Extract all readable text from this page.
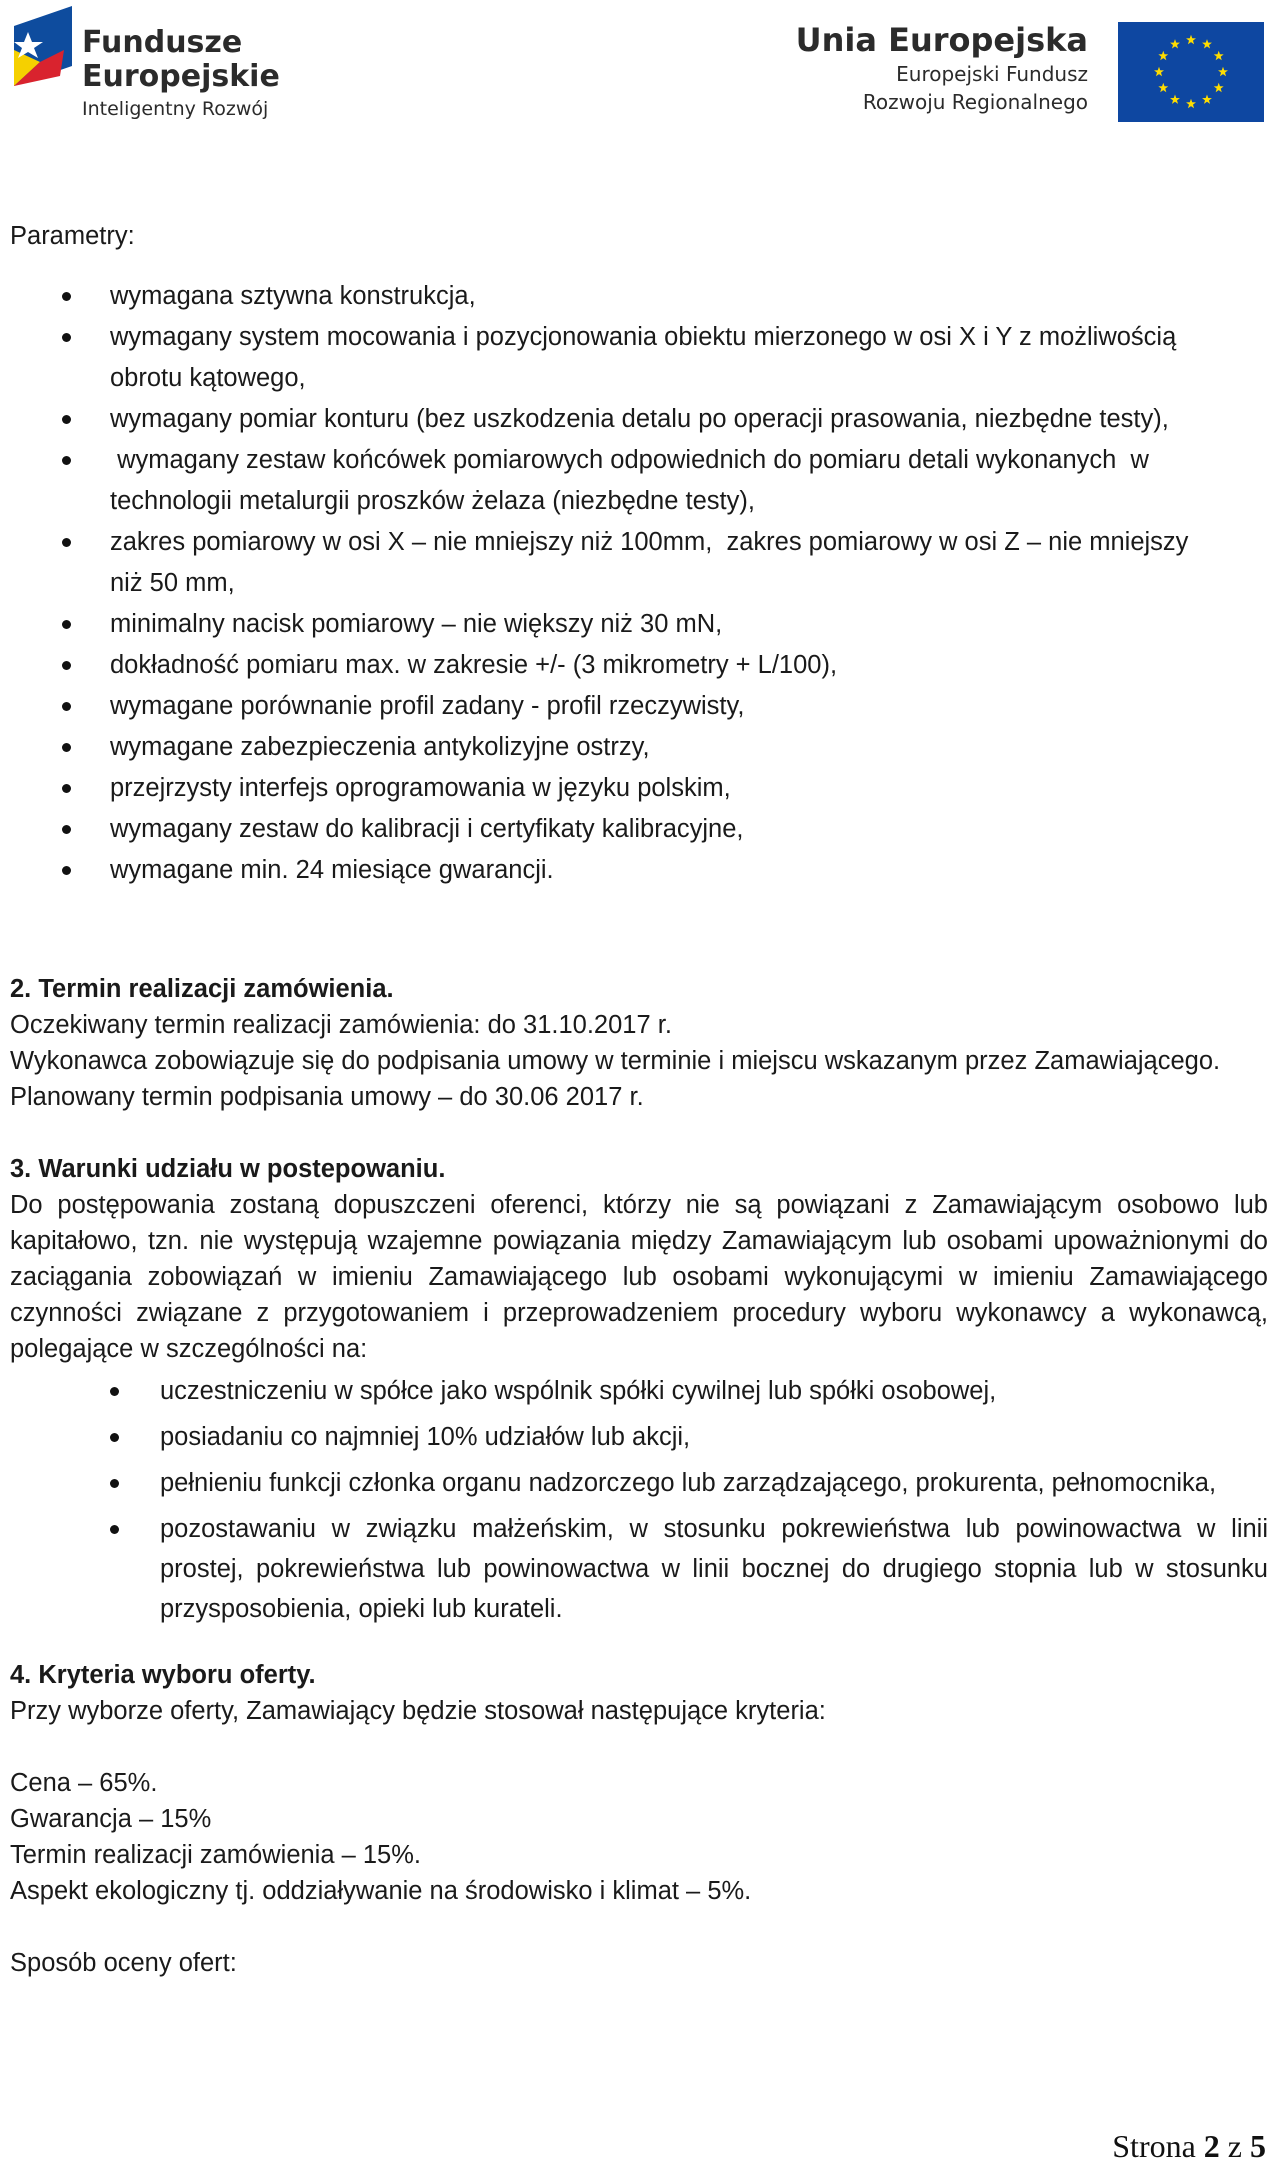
Fundusze
Europejskie
Inteligentny Rozwój
Unia Europejska
Europejski Fundusz
Rozwoju Regionalnego

Parametry:

wymagana sztywna konstrukcja,
wymagany system mocowania i pozycjonowania obiektu mierzonego w osi X i Y z możliwością
obrotu kątowego,
wymagany pomiar konturu (bez uszkodzenia detalu po operacji prasowania, niezbędne testy),
wymagany zestaw końcówek pomiarowych odpowiednich do pomiaru detali wykonanych  w
technologii metalurgii proszków żelaza (niezbędne testy),
zakres pomiarowy w osi X – nie mniejszy niż 100mm,  zakres pomiarowy w osi Z – nie mniejszy
niż 50 mm,
minimalny nacisk pomiarowy – nie większy niż 30 mN,
dokładność pomiaru max. w zakresie +/- (3 mikrometry + L/100),
wymagane porównanie profil zadany - profil rzeczywisty,
wymagane zabezpieczenia antykolizyjne ostrzy,
przejrzysty interfejs oprogramowania w języku polskim,
wymagany zestaw do kalibracji i certyfikaty kalibracyjne,
wymagane min. 24 miesiące gwarancji.

2. Termin realizacji zamówienia.

Oczekiwany termin realizacji zamówienia: do 31.10.2017 r.

Wykonawca zobowiązuje się do podpisania umowy w terminie i miejscu wskazanym przez Zamawiającego.

Planowany termin podpisania umowy – do 30.06 2017 r.

3. Warunki udziału w postepowaniu.

Do postępowania zostaną dopuszczeni oferenci, którzy nie są powiązani z Zamawiającym osobowo lub kapitałowo, tzn. nie występują wzajemne powiązania między Zamawiającym lub osobami upoważnionymi do zaciągania zobowiązań w imieniu Zamawiającego lub osobami wykonującymi w imieniu Zamawiającego czynności związane z przygotowaniem i przeprowadzeniem procedury wyboru wykonawcy a wykonawcą, polegające w szczególności na:

uczestniczeniu w spółce jako wspólnik spółki cywilnej lub spółki osobowej,
posiadaniu co najmniej 10% udziałów lub akcji,
pełnieniu funkcji członka organu nadzorczego lub zarządzającego, prokurenta, pełnomocnika,
pozostawaniu w związku małżeńskim, w stosunku pokrewieństwa lub powinowactwa w linii prostej, pokrewieństwa lub powinowactwa w linii bocznej do drugiego stopnia lub w stosunku przysposobienia, opieki lub kurateli.

4. Kryteria wyboru oferty.

Przy wyborze oferty, Zamawiający będzie stosował następujące kryteria:

Cena – 65%.

Gwarancja – 15%

Termin realizacji zamówienia – 15%.

Aspekt ekologiczny tj. oddziaływanie na środowisko i klimat – 5%.

Sposób oceny ofert:

Strona 2 z 5
